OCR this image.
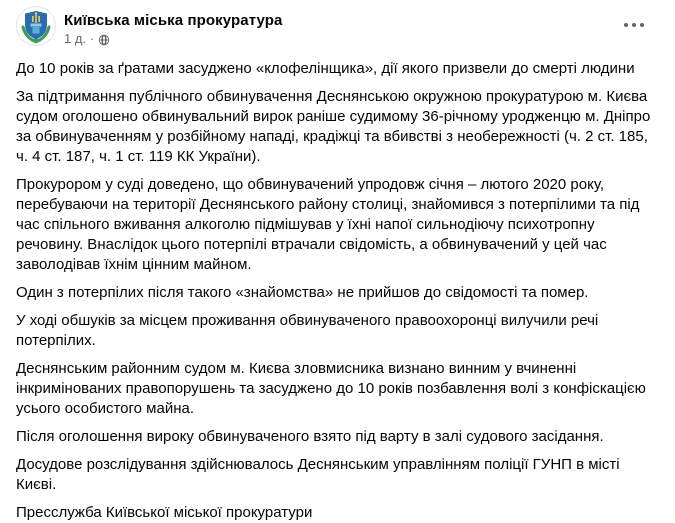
Київська міська прокуратура
1 д. ·

До 10 років за ґратами засуджено «клофелінщика», дії якого призвели до смерті людини

За підтримання публічного обвинувачення Деснянською окружною прокуратурою м. Києва судом оголошено обвинувальний вирок раніше судимому 36-річному уродженцю м. Дніпро за обвинуваченням у розбійному нападі, крадіжці та вбивстві з необережності (ч. 2 ст. 185, ч. 4 ст. 187, ч. 1 ст. 119 КК України).

Прокурором у суді доведено, що обвинувачений упродовж січня – лютого 2020 року, перебуваючи на території Деснянського району столиці, знайомився з потерпілими та під час спільного вживання алкоголю підмішував у їхні напої сильнодіючу психотропну речовину. Внаслідок цього потерпілі втрачали свідомість, а обвинувачений у цей час заволодівав їхнім цінним майном.

Один з потерпілих після такого «знайомства» не прийшов до свідомості та помер.

У ході обшуків за місцем проживання обвинуваченого правоохоронці вилучили речі потерпілих.

Деснянським районним судом м. Києва зловмисника визнано винним у вчиненні інкримінованих правопорушень та засуджено до 10 років позбавлення волі з конфіскацією усього особистого майна.

Після оголошення вироку обвинуваченого взято під варту в залі судового засідання.

Досудове розслідування здійснювалось Деснянським управлінням поліції ГУНП в місті Києві.

Пресслужба Київської міської прокуратури
